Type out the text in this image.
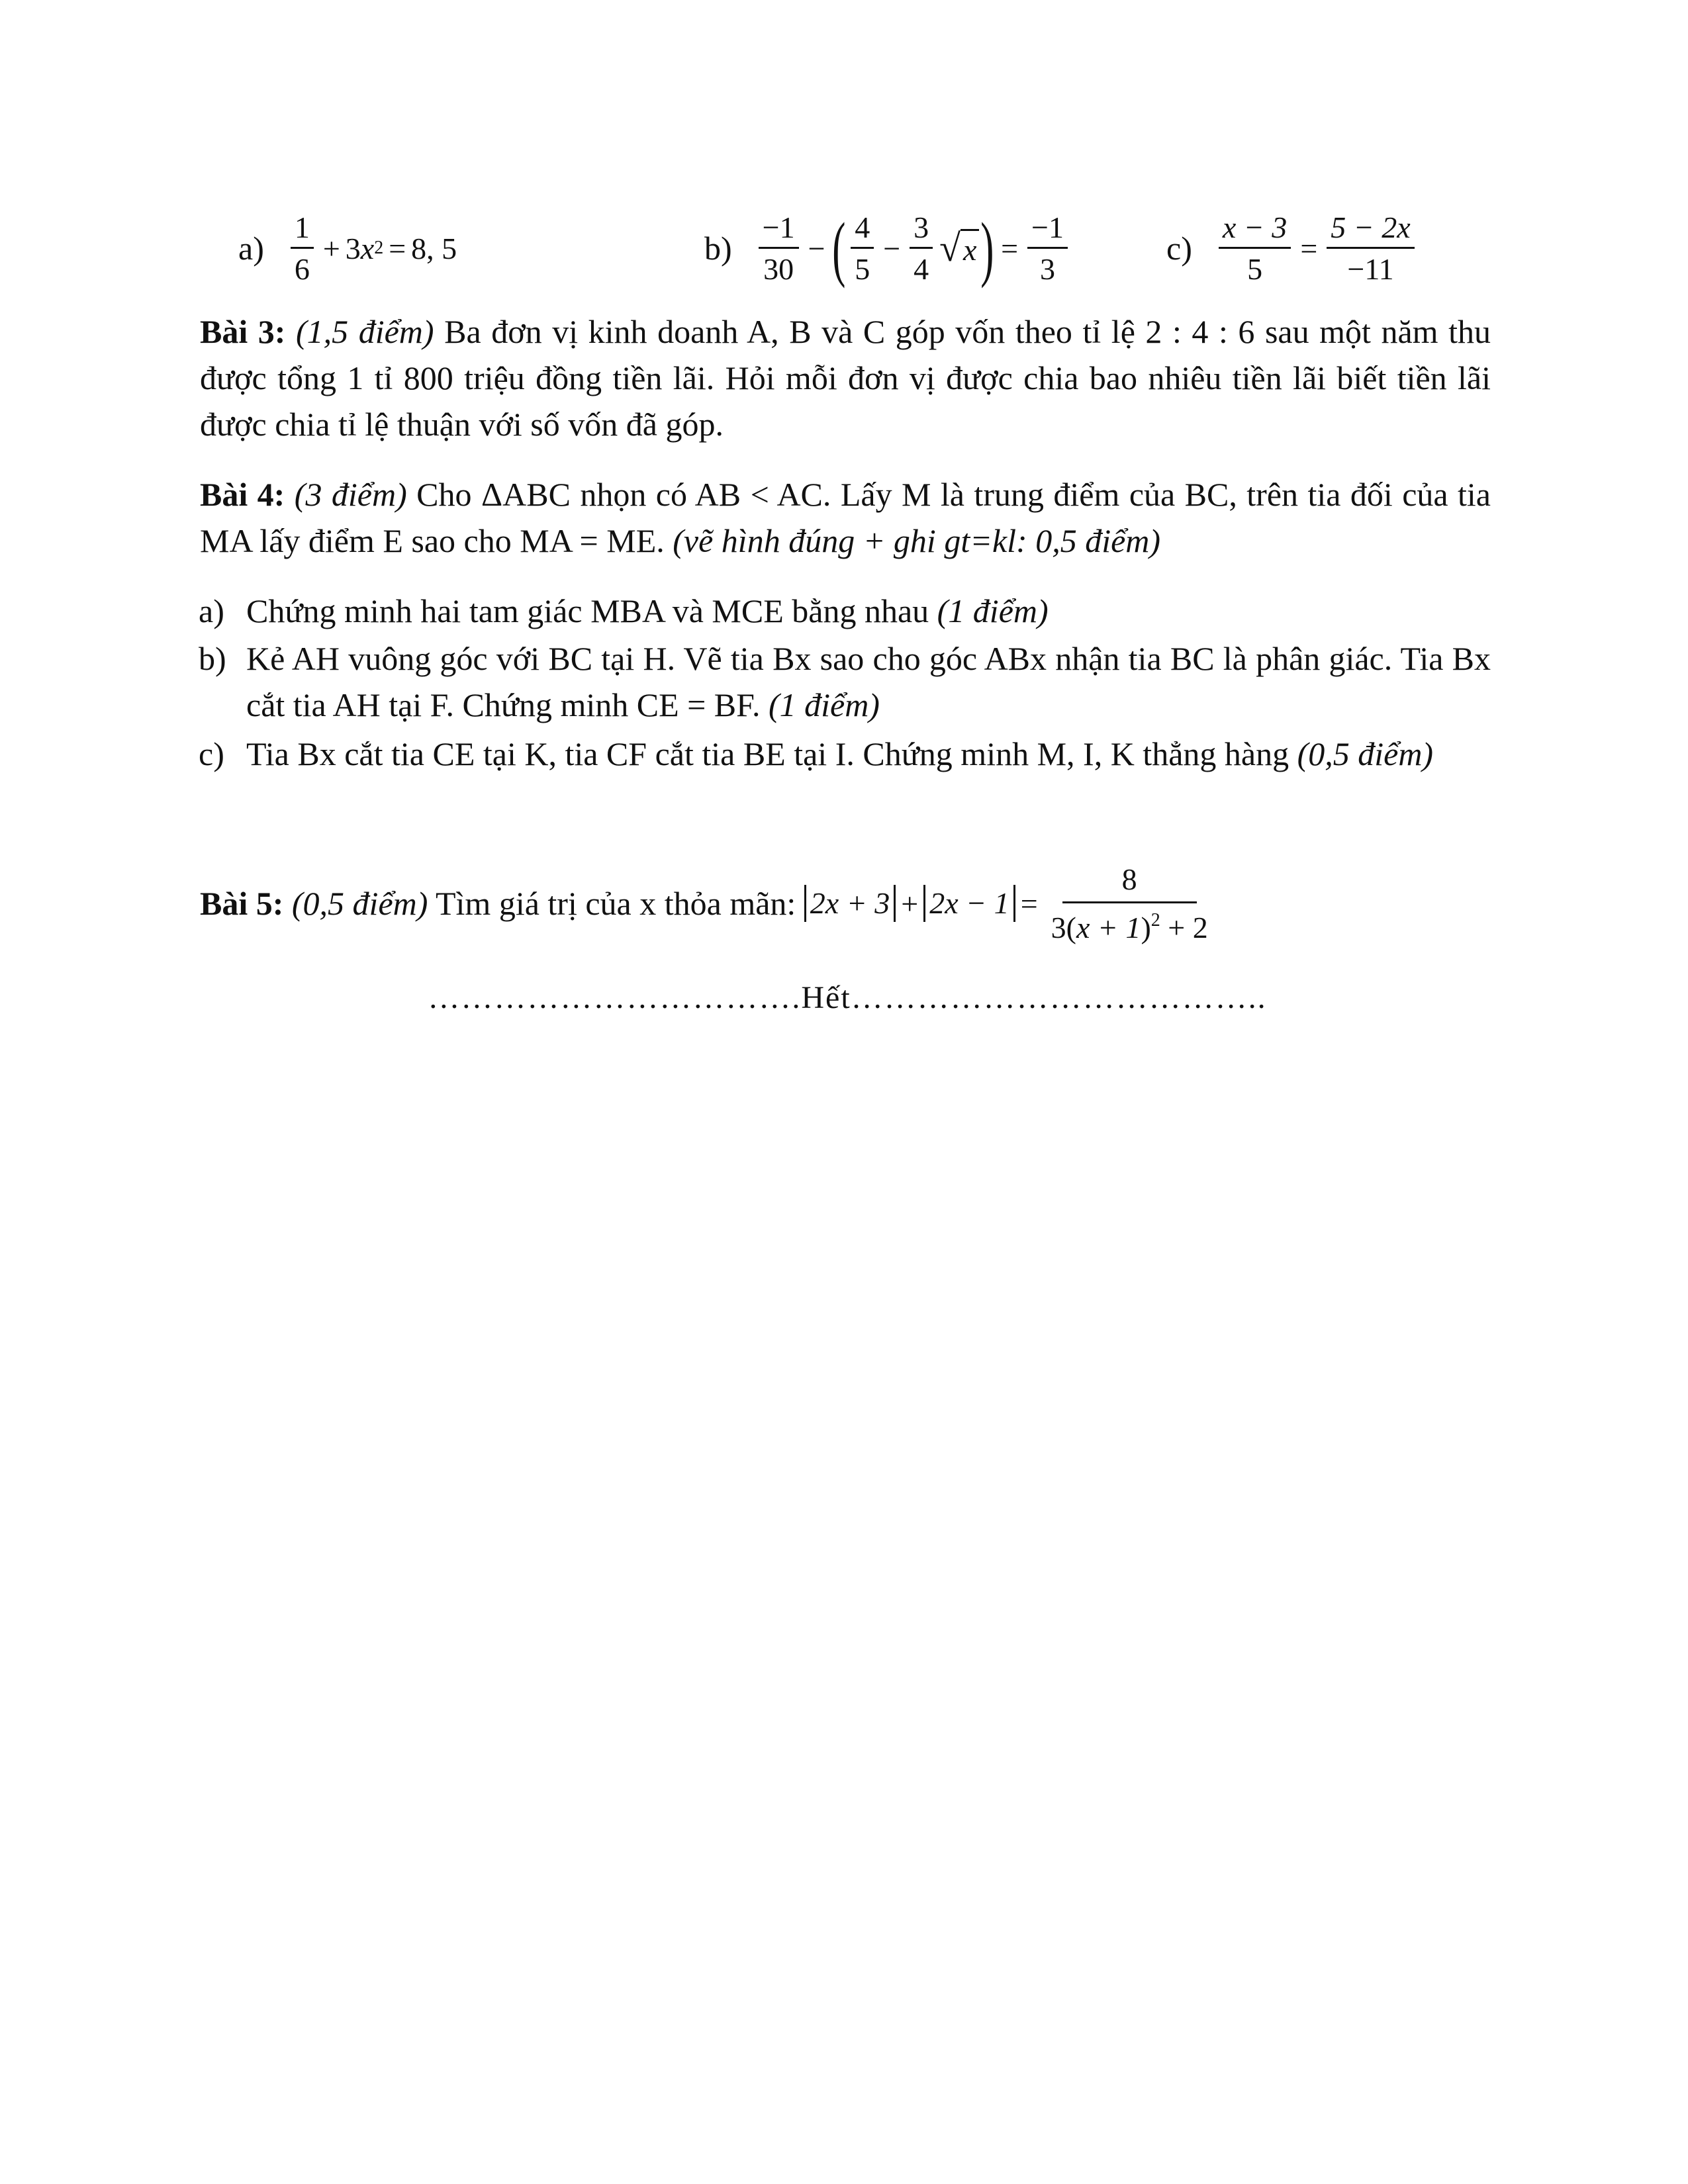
$a) \frac{1}{6} + 3$ x 2 = 8, 5	$b) \frac{-1}{30}$ − ( $\frac{4}{5} - \frac{3}{4}$ √ x ) = $\frac{-1}{3}$	$c) \frac{x - 3}{5} = \frac{5 - 2x}{-11}$
Bài 3: (1,5 điểm) Ba đơn vị kinh doanh A, B và C góp vốn theo tỉ lệ 2 : 4 : 6 sau một năm thu được tổng 1 tỉ 800 triệu đồng tiền lãi. Hỏi mỗi đơn vị được chia bao nhiêu tiền lãi biết tiền lãi được chia tỉ lệ thuận với số vốn đã góp.
Bài 4: (3 điểm) Cho ΔABC nhọn có AB < AC. Lấy M là trung điểm của BC, trên tia đối của tia MA lấy điểm E sao cho MA = ME. (vẽ hình đúng + ghi gt=kl: 0,5 điểm)
a) Chứng minh hai tam giác MBA và MCE bằng nhau (1 điểm)
b) Kẻ AH vuông góc với BC tại H. Vẽ tia Bx sao cho góc ABx nhận tia BC là phân giác. Tia Bx cắt tia AH tại F. Chứng minh CE = BF. (1 điểm)
c) Tia Bx cắt tia CE tại K, tia CF cắt tia BE tại I. Chứng minh M, I, K thẳng hàng (0,5 điểm)
Bài 5:
(0,5 điểm) Tìm giá trị của x thỏa mãn: $2x + 3 + 2x - 1 = \frac{8}{3(x + 1)^2 + 2}$
…………………………….Hết………………………………..
